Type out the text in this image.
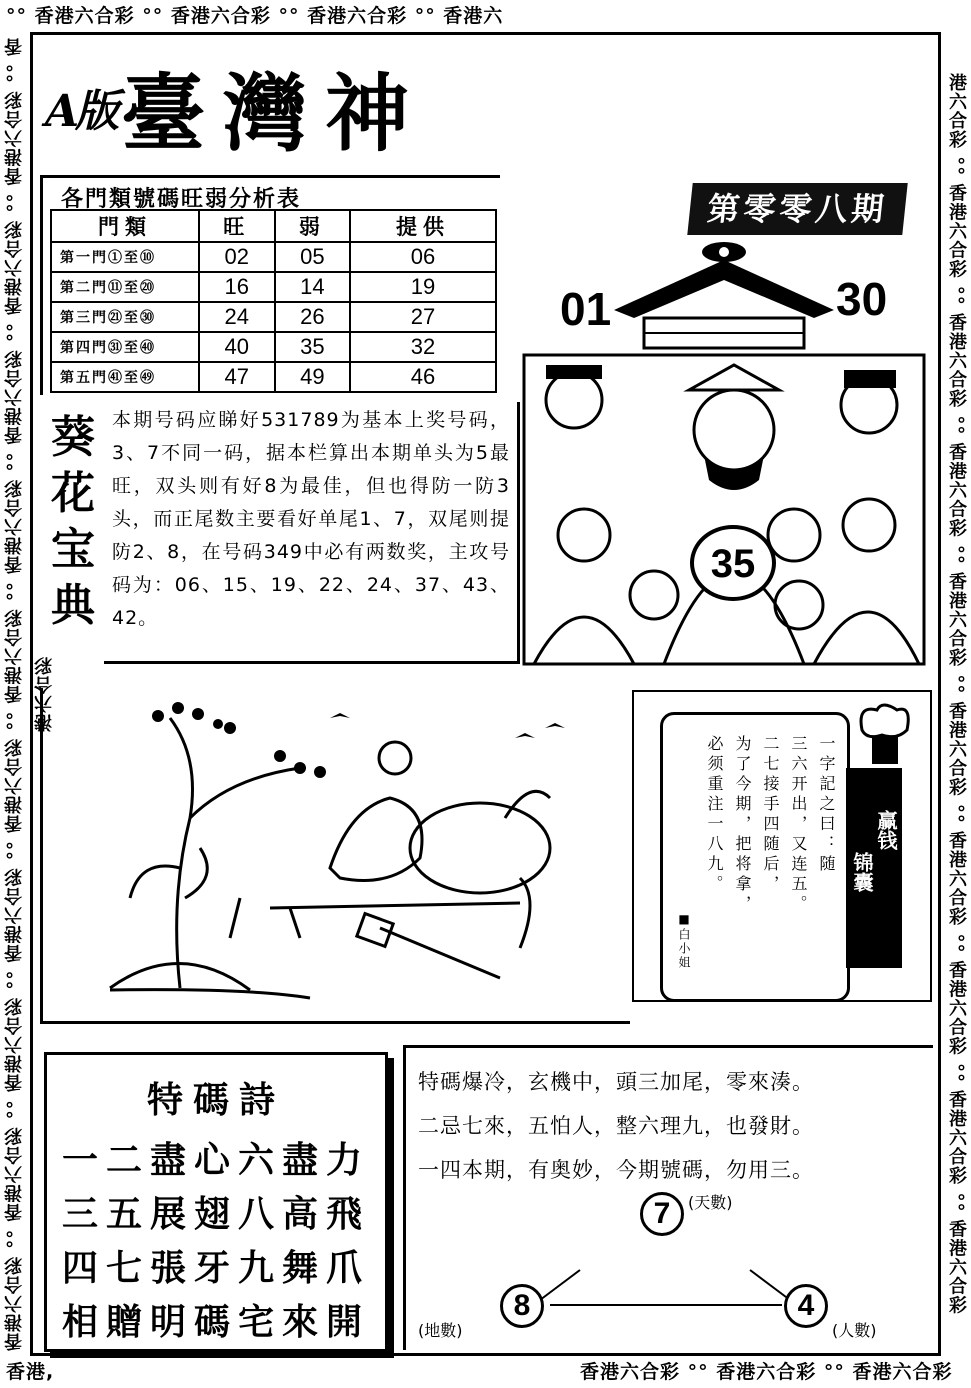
°° 香港六合彩 °° 香港六合彩 °° 香港六合彩 °° 香港六
香港六合彩 °° 香港六合彩 °° 香港六合彩 °° 香港六合彩 °° 香港六合彩 °° 香港六合彩 °° 香港六合彩 °° 香港六合彩 °° 香港六合彩 °° 香港六合彩 °° 香港六合彩	港六合彩 °° 香港六合彩 °° 香港六合彩 °° 香港六合彩 °° 香港六合彩 °° 香港六合彩 °° 香港六合彩 °° 香港六合彩 °° 香港六合彩 °° 香港六合彩
香港,	香港六合彩 °° 香港六合彩 °° 香港六合彩
A版 臺灣神
第零零八期
各門類號碼旺弱分析表
門類	旺	弱	提供
第一門①至⑩	02	05	06
第二門⑪至⑳	16	14	19
第三門㉑至㉚	24	26	27
第四門㉛至㊵	40	35	32
第五門㊶至㊾	47	49	46
葵花宝典
本期号码应睇好531789为基本上奖号码，3、7不同一码，据本栏算出本期单头为5最旺，双头则有好8为最佳，但也得防一防3头，而正尾数主要看好单尾1、7，双尾则提防2、8，在号码349中必有两数奖，主攻号码为：06、15、19、22、24、37、43、42。
01	30
35
一字記之曰：随
三六开出，又连五。
二七接手四随后，
为了今期，把将拿，
必须重注一八九。
■白小姐
赢钱
锦囊
特碼詩
一二盡心六盡力
三五展翅八高飛
四七張牙九舞爪
相贈明碼宅來開
特碼爆冷，玄機中，頭三加尾，零來湊。
二忌七來，五怕人，整六理九，也發財。
一四本期，有奥妙，今期號碼，勿用三。
7	(天數)
8
(地數)
4
(人數)
